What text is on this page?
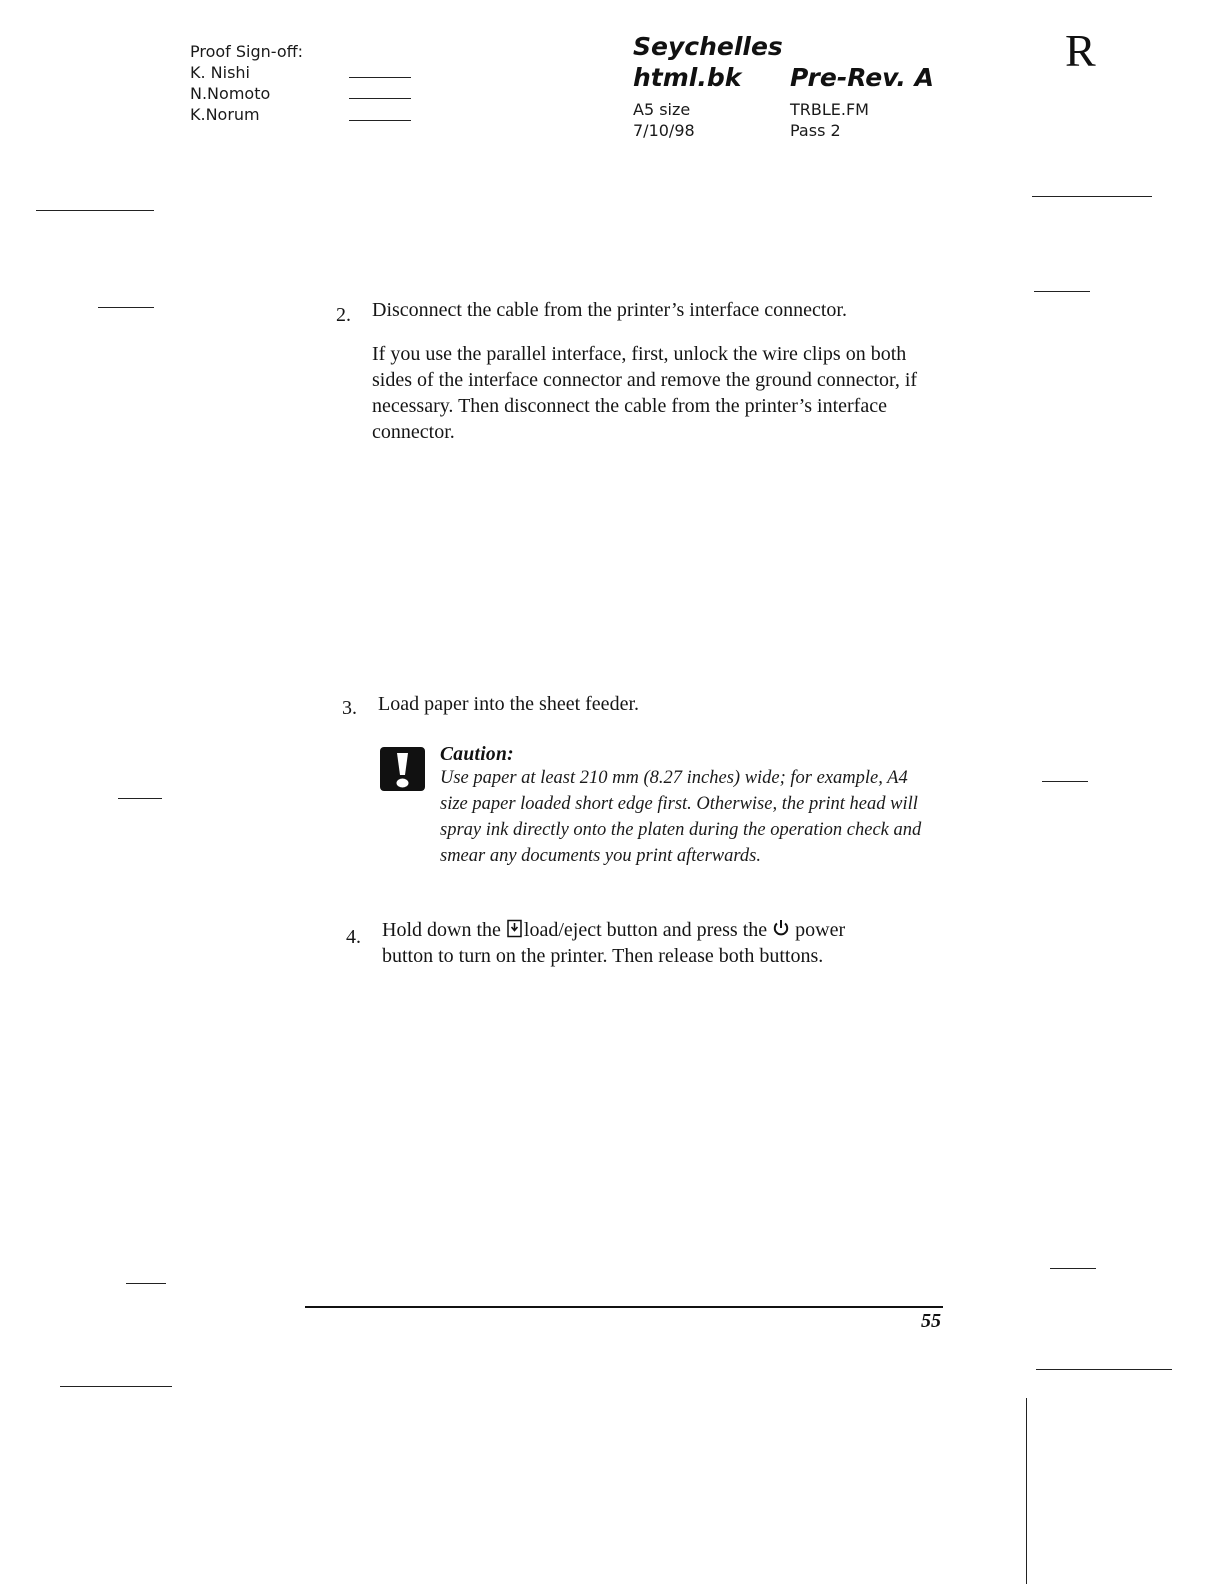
Proof Sign-off:
K. Nishi
N.Nomoto
K.Norum
Seychelles
html.bk Pre-Rev. A
A5 size	TRBLE.FM
7/10/98	Pass 2
R
2. Disconnect the cable from the printer’s interface connector.
If you use the parallel interface, first, unlock the wire clips on both sides of the interface connector and remove the ground connector, if necessary. Then disconnect the cable from the printer’s interface connector.
3. Load paper into the sheet feeder.
Caution:
Use paper at least 210 mm (8.27 inches) wide; for example, A4 size paper loaded short edge first. Otherwise, the print head will spray ink directly onto the platen during the operation check and smear any documents you print afterwards.
4. Hold down the load/eject button and press the power
button to turn on the printer. Then release both buttons.
55
